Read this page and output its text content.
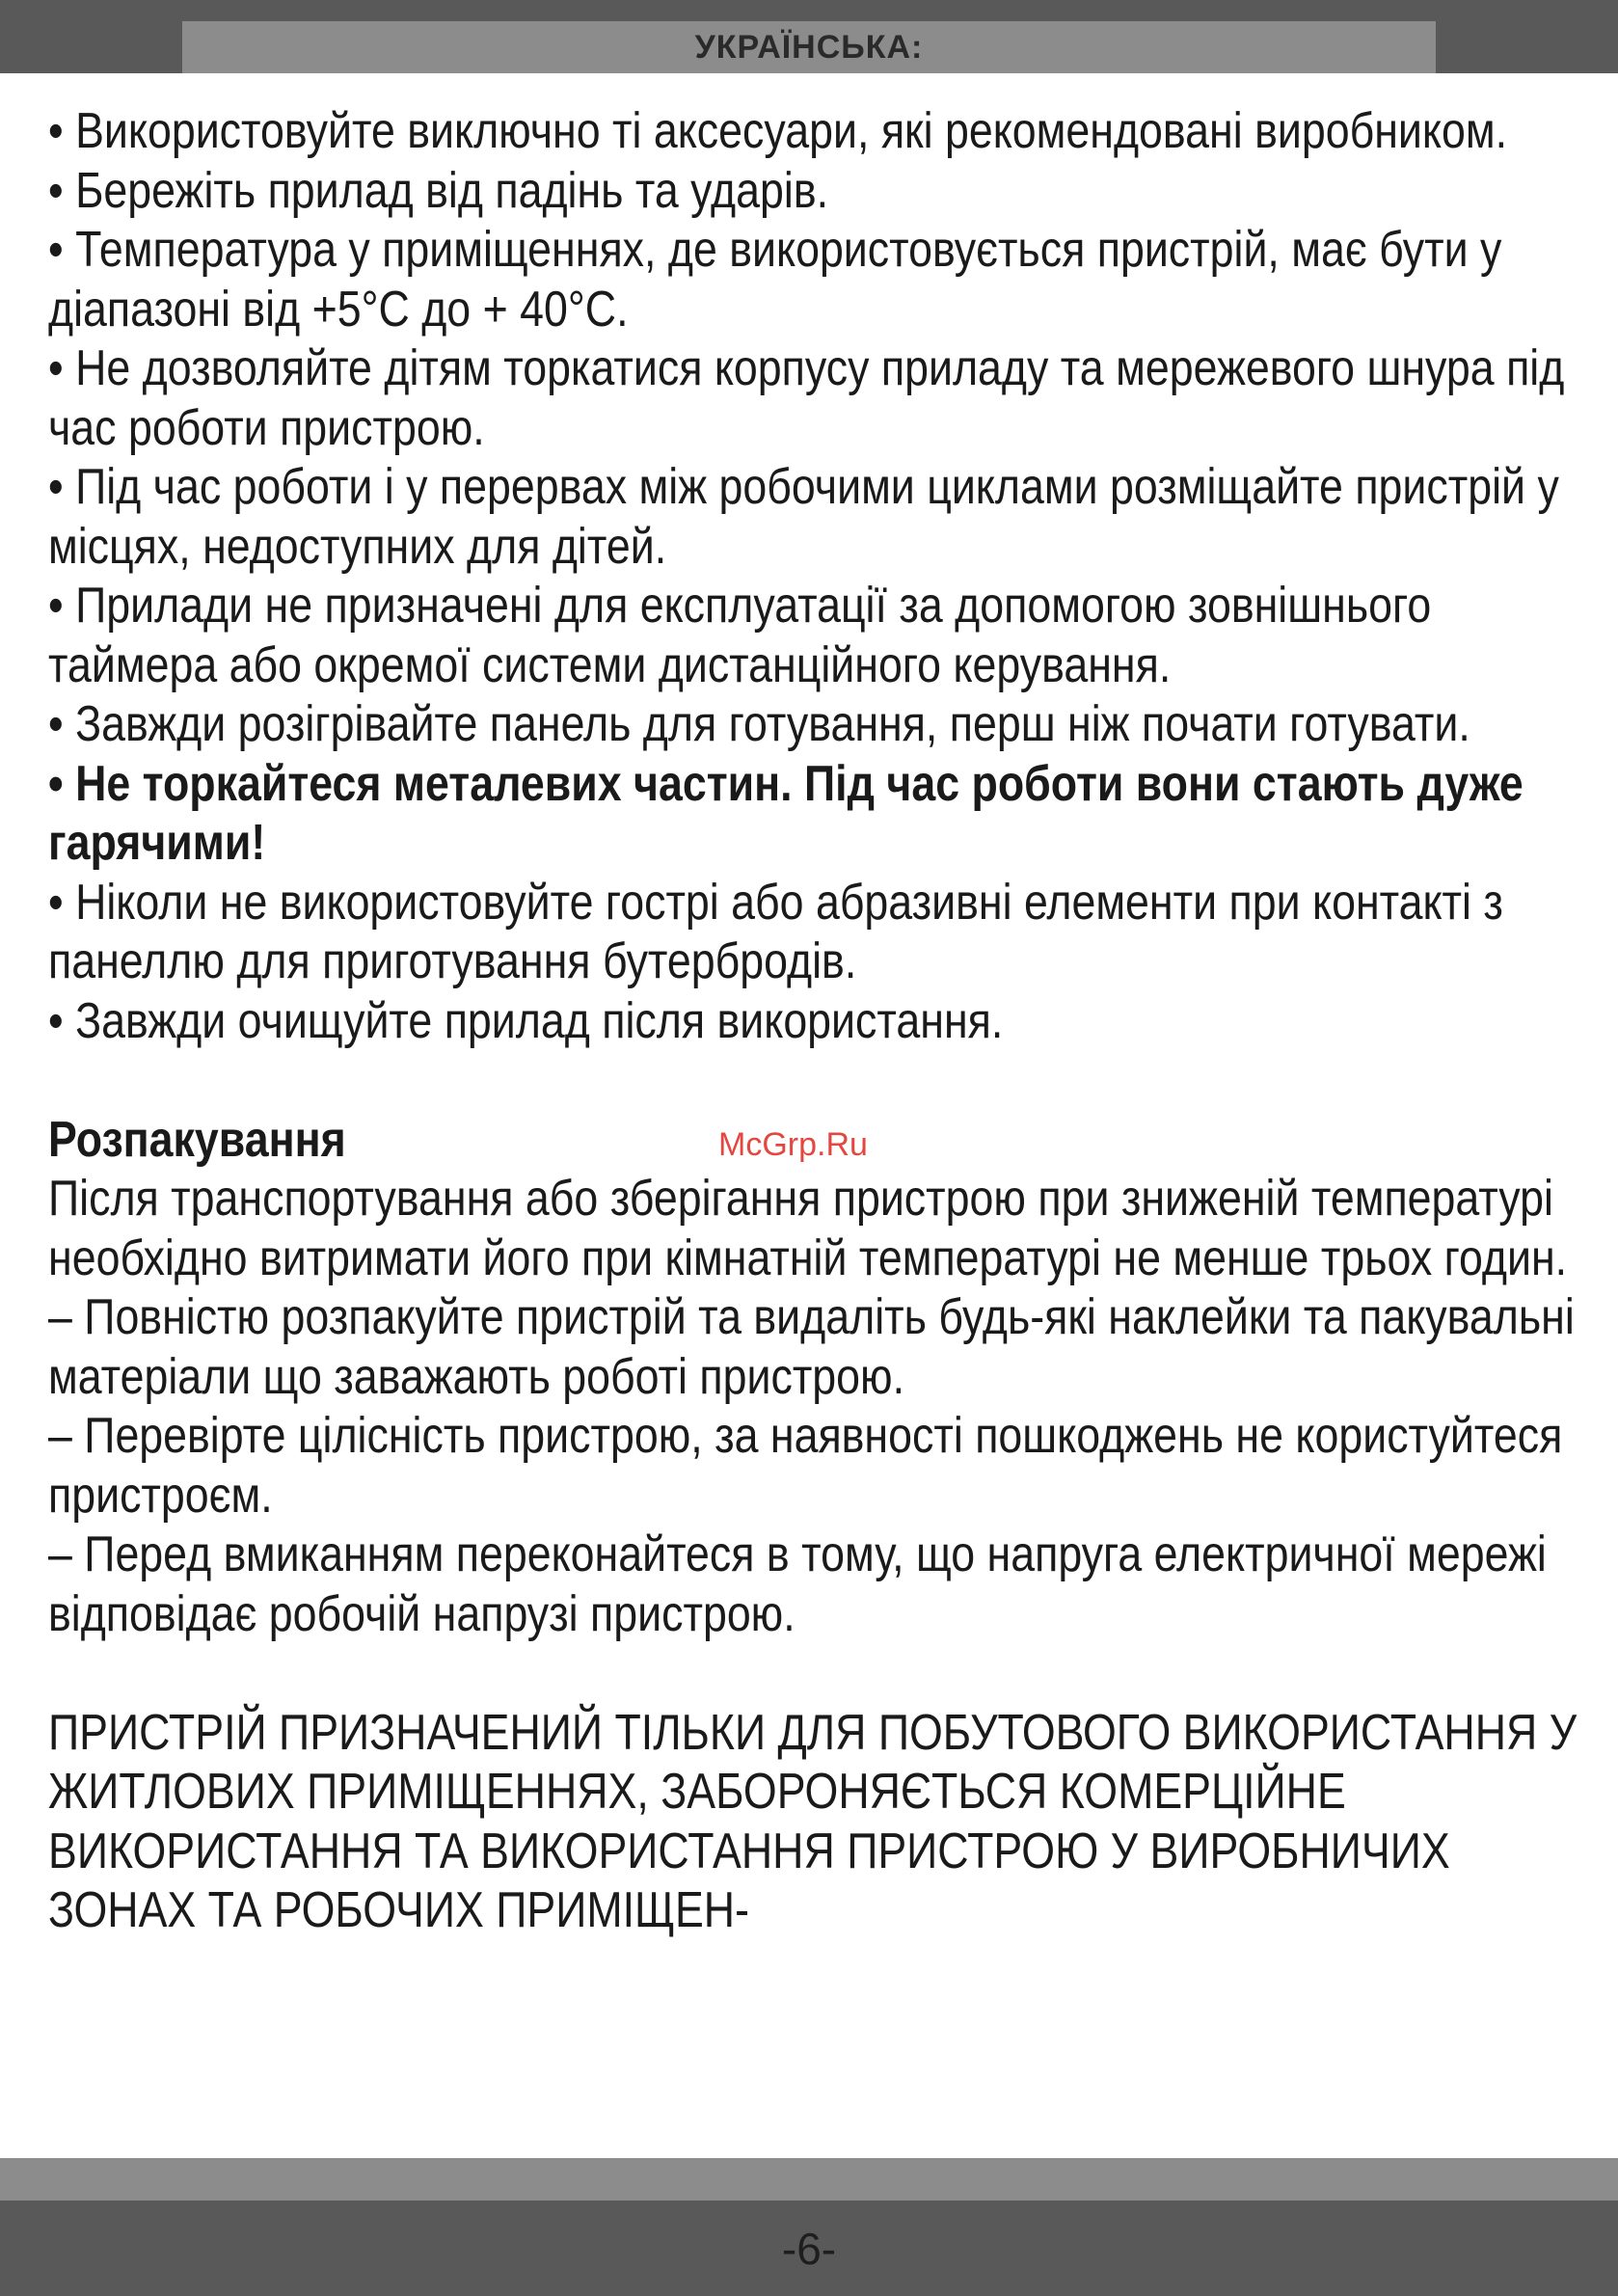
УКРАЇНСЬКА:

• Використовуйте виключно ті аксесуари, які рекомендовані виробником.

• Бережіть прилад від падінь та ударів.

• Температура у приміщеннях, де використовується пристрій, має бути у діапазоні від +5°С до + 40°С.

• Не дозволяйте дітям торкатися корпусу приладу та мережевого шнура під час роботи пристрою.

• Під час роботи і у перервах між робочими циклами розміщайте пристрій у місцях, недоступних для дітей.

• Прилади не призначені для експлуатації за допомогою зовнішнього таймера або окремої системи дистанційного керування.

• Завжди розігрівайте панель для готування, перш ніж почати готувати.

• Не торкайтеся металевих частин. Під час роботи вони стають дуже гарячими!

• Ніколи не використовуйте гострі або абразивні елементи при контакті з панеллю для приготування бутербродів.

• Завжди очищуйте прилад після використання.

Розпакування

Після транспортування або зберігання пристрою при зниженій температурі необхідно витримати його при кімнатній температурі не менше трьох годин.

– Повністю розпакуйте пристрій та видаліть будь-які наклейки та пакувальні матеріали що заважають роботі пристрою.

– Перевірте цілісність пристрою, за наявності пошкоджень не користуйтеся пристроєм.

– Перед вмиканням переконайтеся в тому, що напруга електричної мережі відповідає робочій напрузі пристрою.

ПРИСТРІЙ ПРИЗНАЧЕНИЙ ТІЛЬКИ ДЛЯ ПОБУТОВОГО ВИКОРИСТАННЯ У ЖИТЛОВИХ ПРИМІЩЕННЯХ, ЗАБОРОНЯЄТЬСЯ КОМЕРЦІЙНЕ ВИКОРИСТАННЯ ТА ВИКОРИСТАННЯ ПРИСТРОЮ У ВИРОБНИЧИХ ЗОНАХ ТА РОБОЧИХ ПРИМІЩЕН-

McGrp.Ru
-6-
